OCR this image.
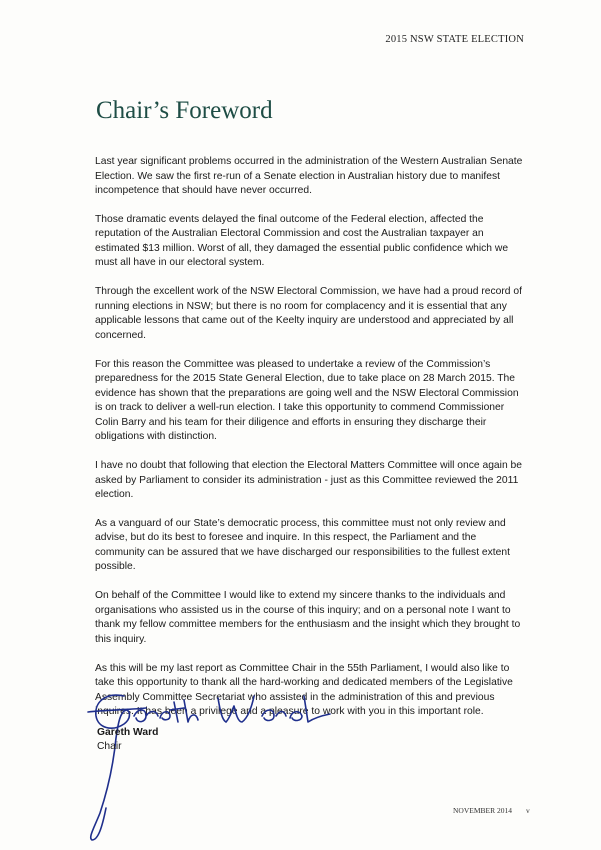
2015 NSW STATE ELECTION
Chair’s Foreword

Last year significant problems occurred in the administration of the Western Australian Senate Election. We saw the first re-run of a Senate election in Australian history due to manifest incompetence that should have never occurred.

Those dramatic events delayed the final outcome of the Federal election, affected the reputation of the Australian Electoral Commission and cost the Australian taxpayer an estimated $13 million. Worst of all, they damaged the essential public confidence which we must all have in our electoral system.

Through the excellent work of the NSW Electoral Commission, we have had a proud record of running elections in NSW; but there is no room for complacency and it is essential that any applicable lessons that came out of the Keelty inquiry are understood and appreciated by all concerned.

For this reason the Committee was pleased to undertake a review of the Commission’s preparedness for the 2015 State General Election, due to take place on 28 March 2015. The evidence has shown that the preparations are going well and the NSW Electoral Commission is on track to deliver a well-run election. I take this opportunity to commend Commissioner Colin Barry and his team for their diligence and efforts in ensuring they discharge their obligations with distinction.

I have no doubt that following that election the Electoral Matters Committee will once again be asked by Parliament to consider its administration - just as this Committee reviewed the 2011 election.

As a vanguard of our State’s democratic process, this committee must not only review and advise, but do its best to foresee and inquire. In this respect, the Parliament and the community can be assured that we have discharged our responsibilities to the fullest extent possible.

On behalf of the Committee I would like to extend my sincere thanks to the individuals and organisations who assisted us in the course of this inquiry; and on a personal note I want to thank my fellow committee members for the enthusiasm and the insight which they brought to this inquiry.

As this will be my last report as Committee Chair in the 55th Parliament, I would also like to take this opportunity to thank all the hard-working and dedicated members of the Legislative Assembly Committee Secretariat who assisted in the administration of this and previous inquires. It has been a privilege and a pleasure to work with you in this important role.

Gareth Ward
Chair
NOVEMBER 2014 v
